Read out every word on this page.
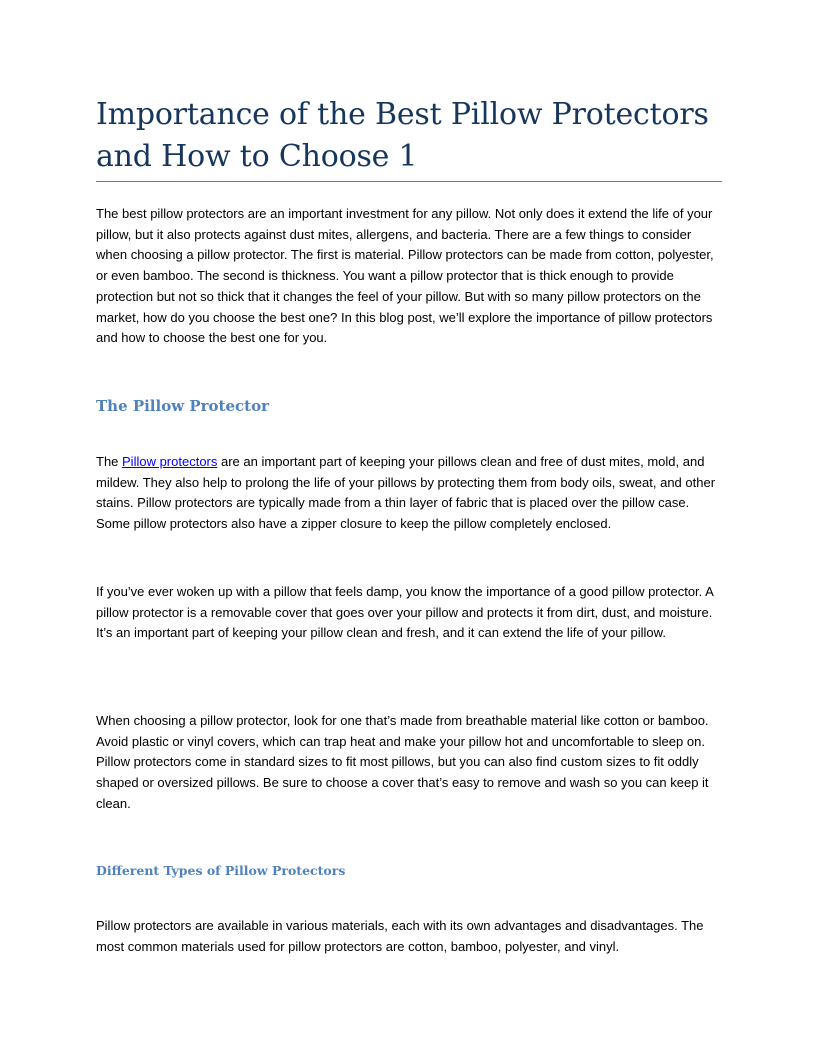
Importance of the Best Pillow Protectors
and How to Choose 1

The best pillow protectors are an important investment for any pillow. Not only does it extend the life of your pillow, but it also protects against dust mites, allergens, and bacteria. There are a few things to consider when choosing a pillow protector. The first is material. Pillow protectors can be made from cotton, polyester, or even bamboo. The second is thickness. You want a pillow protector that is thick enough to provide protection but not so thick that it changes the feel of your pillow. But with so many pillow protectors on the market, how do you choose the best one? In this blog post, we’ll explore the importance of pillow protectors and how to choose the best one for you.

The Pillow Protector

The Pillow protectors are an important part of keeping your pillows clean and free of dust mites, mold, and mildew. They also help to prolong the life of your pillows by protecting them from body oils, sweat, and other stains. Pillow protectors are typically made from a thin layer of fabric that is placed over the pillow case. Some pillow protectors also have a zipper closure to keep the pillow completely enclosed.

If you’ve ever woken up with a pillow that feels damp, you know the importance of a good pillow protector. A pillow protector is a removable cover that goes over your pillow and protects it from dirt, dust, and moisture. It’s an important part of keeping your pillow clean and fresh, and it can extend the life of your pillow.

When choosing a pillow protector, look for one that’s made from breathable material like cotton or bamboo. Avoid plastic or vinyl covers, which can trap heat and make your pillow hot and uncomfortable to sleep on. Pillow protectors come in standard sizes to fit most pillows, but you can also find custom sizes to fit oddly shaped or oversized pillows. Be sure to choose a cover that’s easy to remove and wash so you can keep it clean.

Different Types of Pillow Protectors

Pillow protectors are available in various materials, each with its own advantages and disadvantages. The most common materials used for pillow protectors are cotton, bamboo, polyester, and vinyl.
